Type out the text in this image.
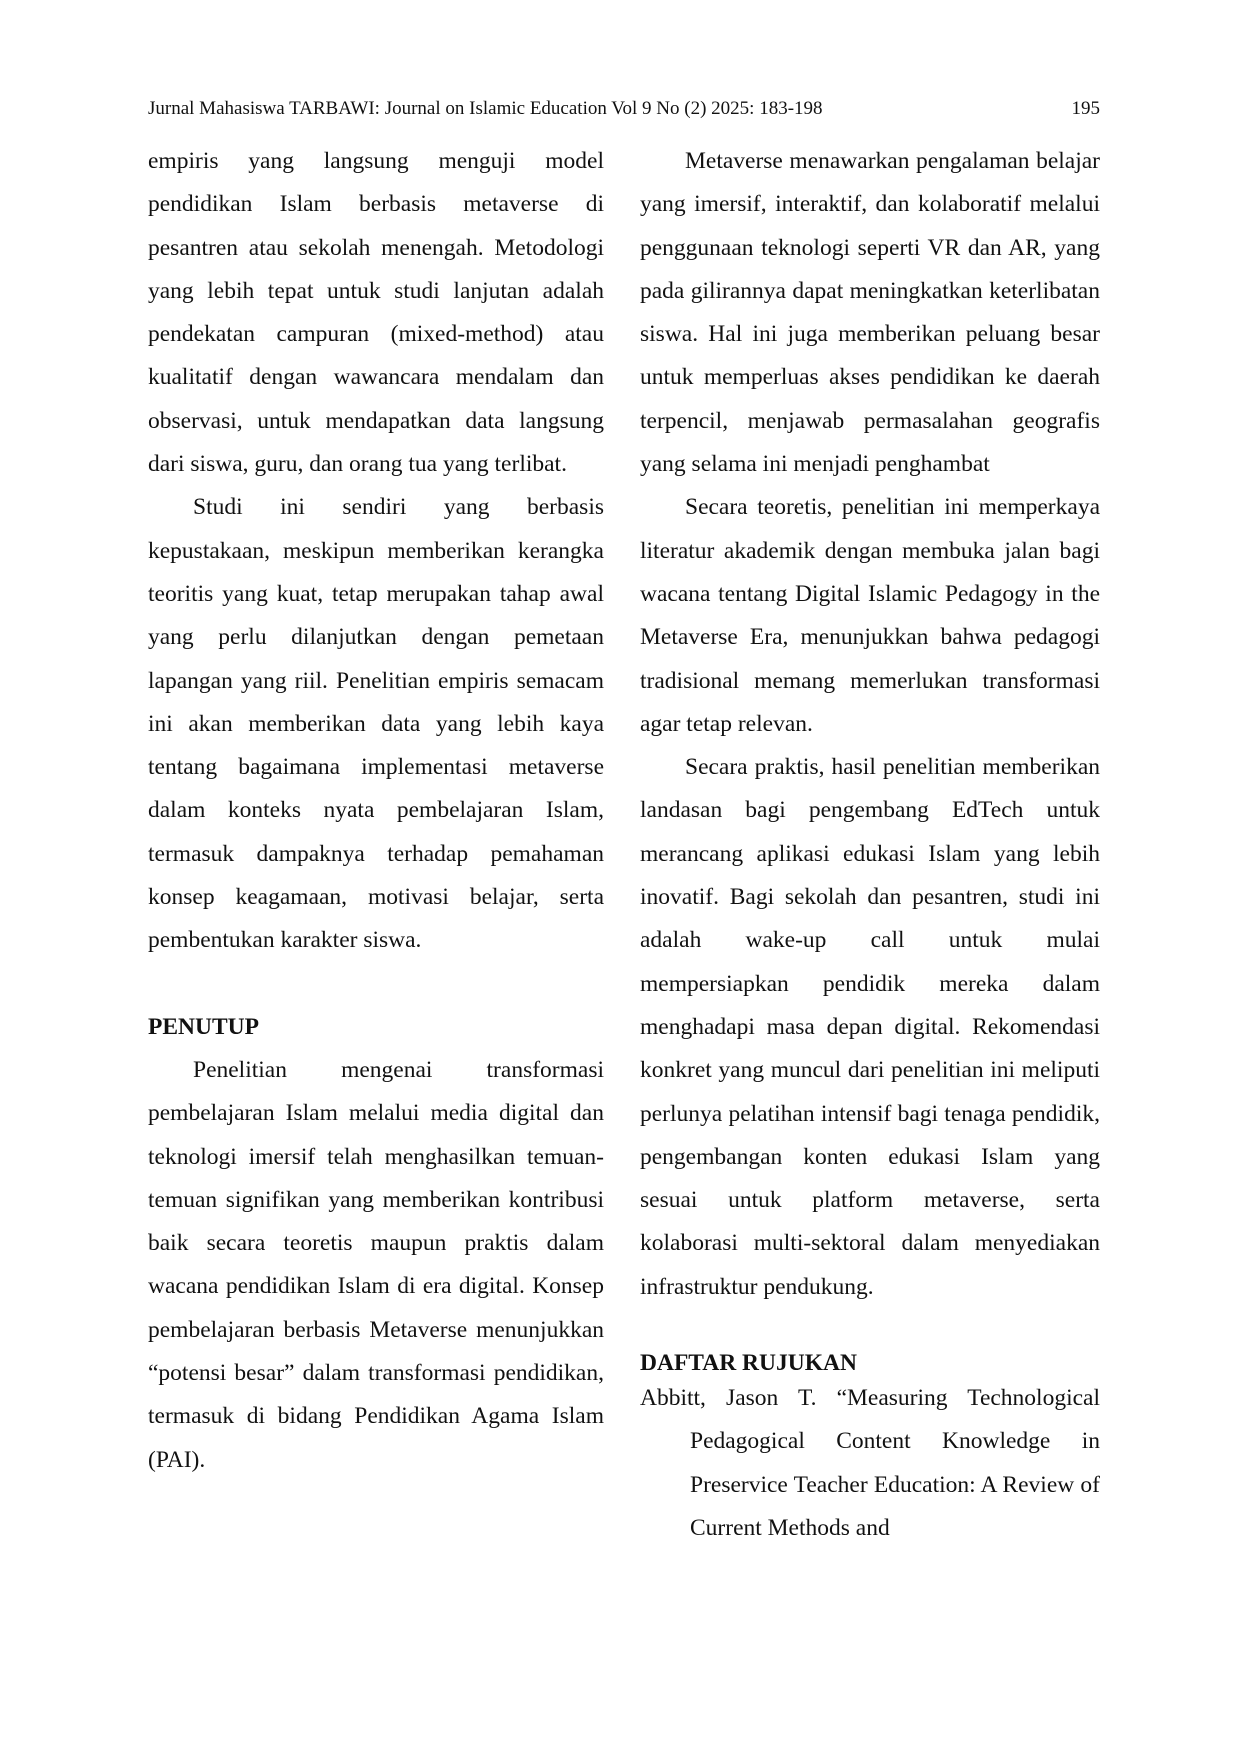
Jurnal Mahasiswa TARBAWI: Journal on Islamic Education Vol 9 No (2) 2025: 183-198	195

empiris yang langsung menguji model pendidikan Islam berbasis metaverse di pesantren atau sekolah menengah. Metodologi yang lebih tepat untuk studi lanjutan adalah pendekatan campuran (mixed-method) atau kualitatif dengan wawancara mendalam dan observasi, untuk mendapatkan data langsung dari siswa, guru, dan orang tua yang terlibat.

Studi ini sendiri yang berbasis kepustakaan, meskipun memberikan kerangka teoritis yang kuat, tetap merupakan tahap awal yang perlu dilanjutkan dengan pemetaan lapangan yang riil. Penelitian empiris semacam ini akan memberikan data yang lebih kaya tentang bagaimana implementasi metaverse dalam konteks nyata pembelajaran Islam, termasuk dampaknya terhadap pemahaman konsep keagamaan, motivasi belajar, serta pembentukan karakter siswa.

PENUTUP

Penelitian mengenai transformasi pembelajaran Islam melalui media digital dan teknologi imersif telah menghasilkan temuan-temuan signifikan yang memberikan kontribusi baik secara teoretis maupun praktis dalam wacana pendidikan Islam di era digital. Konsep pembelajaran berbasis Metaverse menunjukkan “potensi besar” dalam transformasi pendidikan, termasuk di bidang Pendidikan Agama Islam (PAI).

Metaverse menawarkan pengalaman belajar yang imersif, interaktif, dan kolaboratif melalui penggunaan teknologi seperti VR dan AR, yang pada gilirannya dapat meningkatkan keterlibatan siswa. Hal ini juga memberikan peluang besar untuk memperluas akses pendidikan ke daerah terpencil, menjawab permasalahan geografis yang selama ini menjadi penghambat

Secara teoretis, penelitian ini memperkaya literatur akademik dengan membuka jalan bagi wacana tentang Digital Islamic Pedagogy in the Metaverse Era, menunjukkan bahwa pedagogi tradisional memang memerlukan transformasi agar tetap relevan.

Secara praktis, hasil penelitian memberikan landasan bagi pengembang EdTech untuk merancang aplikasi edukasi Islam yang lebih inovatif. Bagi sekolah dan pesantren, studi ini adalah wake-up call untuk mulai mempersiapkan pendidik mereka dalam menghadapi masa depan digital. Rekomendasi konkret yang muncul dari penelitian ini meliputi perlunya pelatihan intensif bagi tenaga pendidik, pengembangan konten edukasi Islam yang sesuai untuk platform metaverse, serta kolaborasi multi-sektoral dalam menyediakan infrastruktur pendukung.

DAFTAR RUJUKAN

Abbitt, Jason T. “Measuring Technological Pedagogical Content Knowledge in Preservice Teacher Education: A Review of Current Methods and
